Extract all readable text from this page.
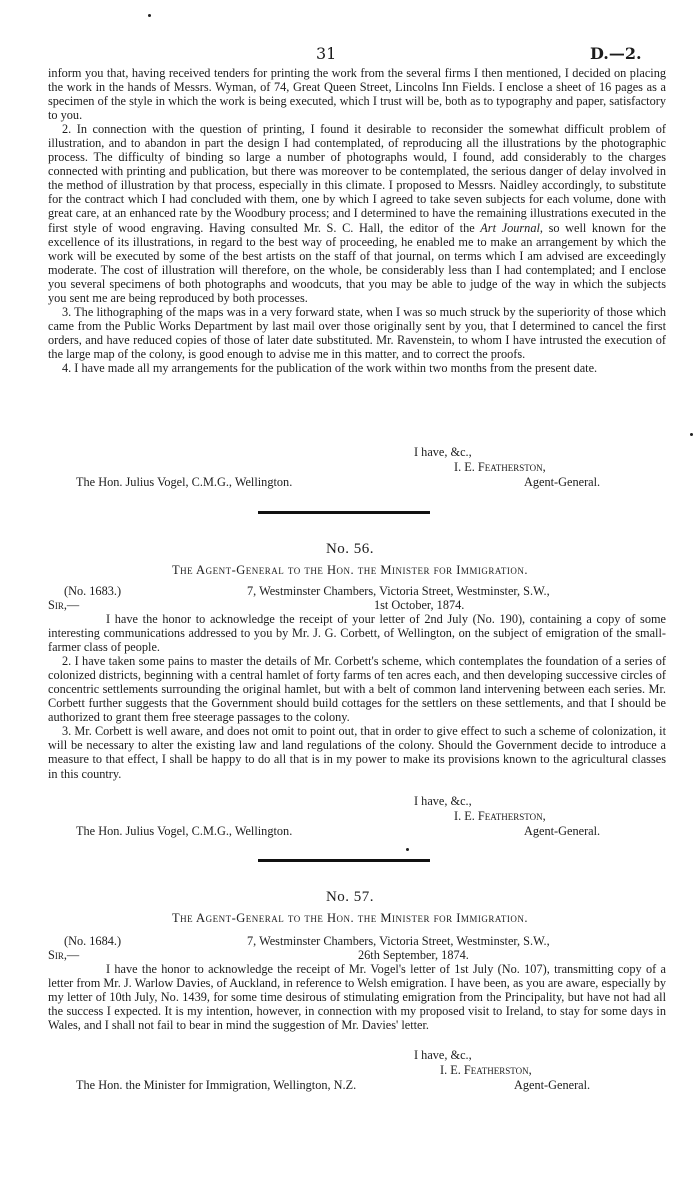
31	D.—2.

inform you that, having received tenders for printing the work from the several firms I then mentioned, I decided on placing the work in the hands of Messrs. Wyman, of 74, Great Queen Street, Lincolns Inn Fields. I enclose a sheet of 16 pages as a specimen of the style in which the work is being executed, which I trust will be, both as to typography and paper, satisfactory to you.

2. In connection with the question of printing, I found it desirable to reconsider the somewhat difficult problem of illustration, and to abandon in part the design I had contemplated, of reproducing all the illustrations by the photographic process. The difficulty of binding so large a number of photographs would, I found, add considerably to the charges connected with printing and publication, but there was moreover to be contemplated, the serious danger of delay involved in the method of illustration by that process, especially in this climate. I proposed to Messrs. Naidley accordingly, to substitute for the contract which I had concluded with them, one by which I agreed to take seven subjects for each volume, done with great care, at an enhanced rate by the Woodbury process; and I determined to have the remaining illustrations executed in the first style of wood engraving. Having consulted Mr. S. C. Hall, the editor of the Art Journal, so well known for the excellence of its illustrations, in regard to the best way of proceeding, he enabled me to make an arrangement by which the work will be executed by some of the best artists on the staff of that journal, on terms which I am advised are exceedingly moderate. The cost of illustration will therefore, on the whole, be considerably less than I had contemplated; and I enclose you several specimens of both photographs and woodcuts, that you may be able to judge of the way in which the subjects you sent me are being reproduced by both processes.

3. The lithographing of the maps was in a very forward state, when I was so much struck by the superiority of those which came from the Public Works Department by last mail over those originally sent by you, that I determined to cancel the first orders, and have reduced copies of those of later date substituted. Mr. Ravenstein, to whom I have intrusted the execution of the large map of the colony, is good enough to advise me in this matter, and to correct the proofs.

4. I have made all my arrangements for the publication of the work within two months from the present date.

I have, &c.,
I. E. Featherston,
The Hon. Julius Vogel, C.M.G., Wellington.	Agent-General.
No. 56.
The Agent-General to the Hon. the Minister for Immigration.
(No. 1683.)	7, Westminster Chambers, Victoria Street, Westminster, S.W.,
Sir,—	1st October, 1874.

I have the honor to acknowledge the receipt of your letter of 2nd July (No. 190), containing a copy of some interesting communications addressed to you by Mr. J. G. Corbett, of Wellington, on the subject of emigration of the small-farmer class of people.

2. I have taken some pains to master the details of Mr. Corbett's scheme, which contemplates the foundation of a series of colonized districts, beginning with a central hamlet of forty farms of ten acres each, and then developing successive circles of concentric settlements surrounding the original hamlet, but with a belt of common land intervening between each series. Mr. Corbett further suggests that the Government should build cottages for the settlers on these settlements, and that I should be authorized to grant them free steerage passages to the colony.

3. Mr. Corbett is well aware, and does not omit to point out, that in order to give effect to such a scheme of colonization, it will be necessary to alter the existing law and land regulations of the colony. Should the Government decide to introduce a measure to that effect, I shall be happy to do all that is in my power to make its provisions known to the agricultural classes in this country.

I have, &c.,
I. E. Featherston,
The Hon. Julius Vogel, C.M.G., Wellington.	Agent-General.
No. 57.
The Agent-General to the Hon. the Minister for Immigration.
(No. 1684.)	7, Westminster Chambers, Victoria Street, Westminster, S.W.,
Sir,—	26th September, 1874.

I have the honor to acknowledge the receipt of Mr. Vogel's letter of 1st July (No. 107), transmitting copy of a letter from Mr. J. Warlow Davies, of Auckland, in reference to Welsh emigration. I have been, as you are aware, especially by my letter of 10th July, No. 1439, for some time desirous of stimulating emigration from the Principality, but have not had all the success I expected. It is my intention, however, in connection with my proposed visit to Ireland, to stay for some days in Wales, and I shall not fail to bear in mind the suggestion of Mr. Davies' letter.

I have, &c.,
I. E. Featherston,
The Hon. the Minister for Immigration, Wellington, N.Z.	Agent-General.
